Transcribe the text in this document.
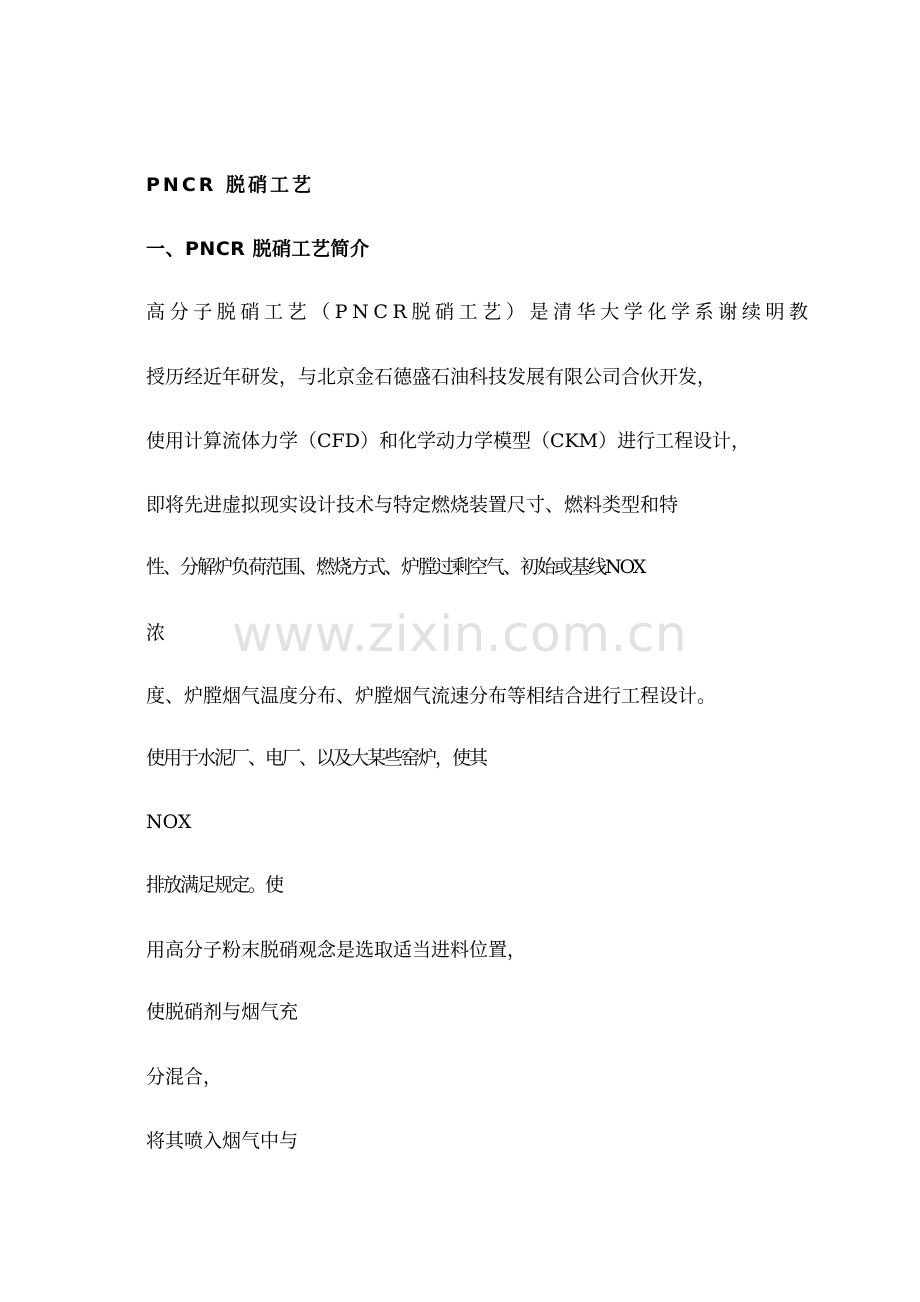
PNCR 脱硝工艺
一、PNCR 脱硝工艺简介
高分子脱硝工艺（PNCR脱硝工艺）是清华大学化学系谢续明教
授历经近年研发，与北京金石德盛石油科技发展有限公司合伙开发，
使用计算流体力学（CFD）和化学动力学模型（CKM）进行工程设计，
即将先进虚拟现实设计技术与特定燃烧装置尺寸、燃料类型和特
性、分解炉负荷范围、燃烧方式、炉膛过剩空气、初始或基线NOX
浓
度、炉膛烟气温度分布、炉膛烟气流速分布等相结合进行工程设计。
使用于水泥厂、电厂、以及大某些窑炉，使其
NOX
排放满足规定。使
用高分子粉末脱硝观念是选取适当进料位置，
使脱硝剂与烟气充
分混合，
将其喷入烟气中与
www.zixin.com.cn
